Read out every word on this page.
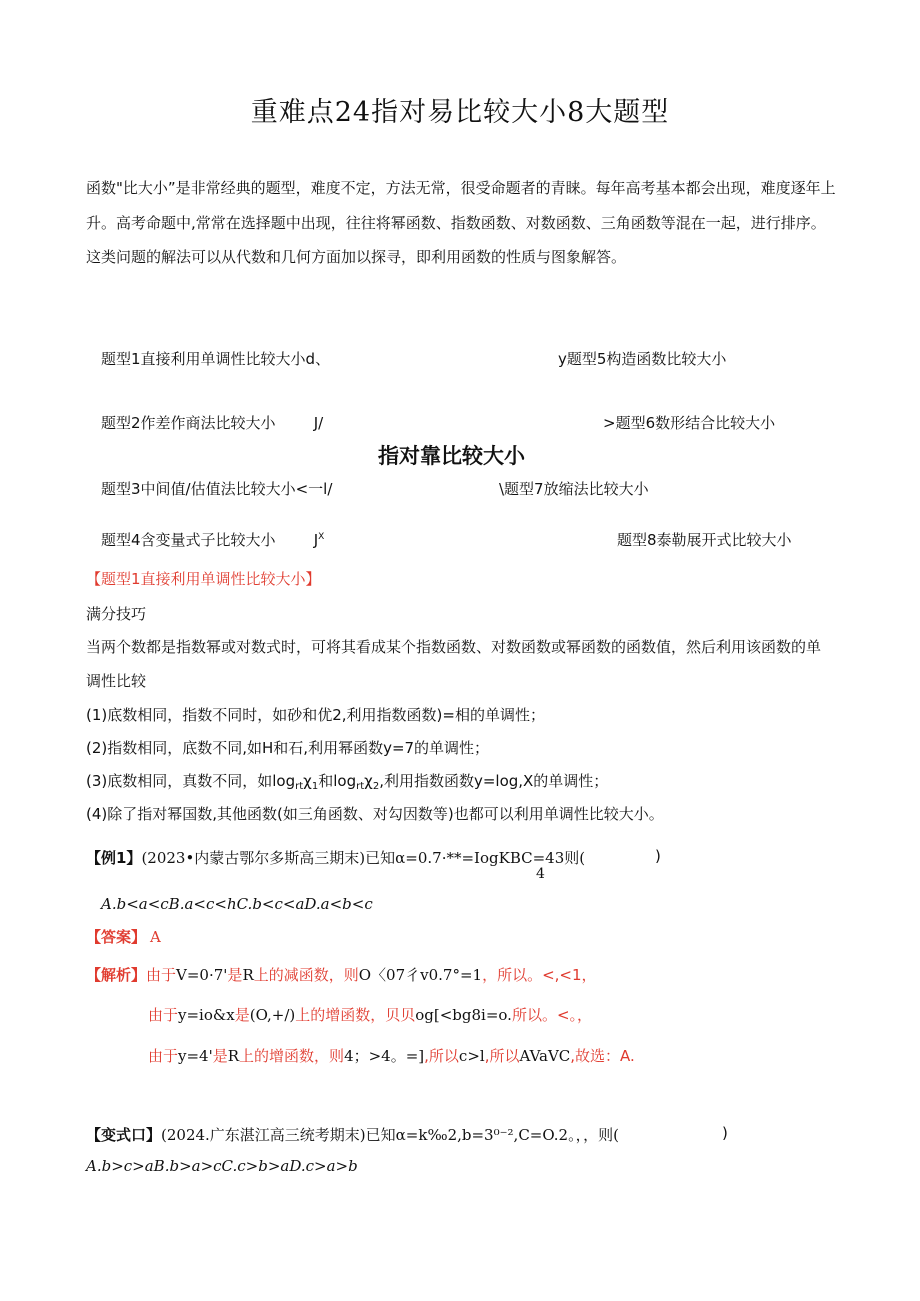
重难点24指对易比较大小8大题型
函数"比大小”是非常经典的题型，难度不定，方法无常，很受命题者的青睐。每年高考基本都会出现，难度逐年上升。高考命题中,常常在选择题中出现，往往将幂函数、指数函数、对数函数、三角函数等混在一起，进行排序。这类问题的解法可以从代数和几何方面加以探寻，即利用函数的性质与图象解答。
题型1直接利用单调性比较大小d、
题型2作差作商法比较大小        J/
题型3中间值/估值法比较大小<一l/
题型4含变量式子比较大小        $J^X$
指对靠比较大小
y题型5构造函数比较大小
>题型6数形结合比较大小
\题型7放缩法比较大小
题型8泰勒展开式比较大小
【题型1直接利用单调性比较大小】
满分技巧
当两个数都是指数幂或对数式时，可将其看成某个指数函数、对数函数或幂函数的函数值，然后利用该函数的单
调性比较
(1)底数相同，指数不同时，如砂和优2,利用指数函数)=相的单调性；
(2)指数相同，底数不同,如H和石,利用幂函数y=7的单调性；
(3)底数相同，真数不同，如$\log_{rt}\chi_1$和$\log_{rt}\chi_2$,利用指数函数y=log,X的单调性；
(4)除了指对幂国数,其他函数(如三角函数、对勾因数等)也都可以利用单调性比较大小。
【例1】(2023•内蒙古鄂尔多斯高三期末)已知α=0.7·**=IogKBC=43则(	)
4
A.b<a<cB.a<c<hC.b<c<aD.a<b<c
【答案】 A
【解析】由于V=0·7'是R上的减函数，则O〈07彳v0.7°=1，所以。<,<1，
由于y=io&x是(O,+/)上的增函数，贝贝og[<bg8i=o.所以。<。，
由于y=4'是R上的增函数，则4；>4。=],所以c>l,所以AVaVC,故选：A.
【变式口】(2024.广东湛江高三统考期末)已知α=k‰2,b=3⁰⁻²,C=O.2。，，则(	)
A.b>c>aB.b>a>cC.c>b>aD.c>a>b
